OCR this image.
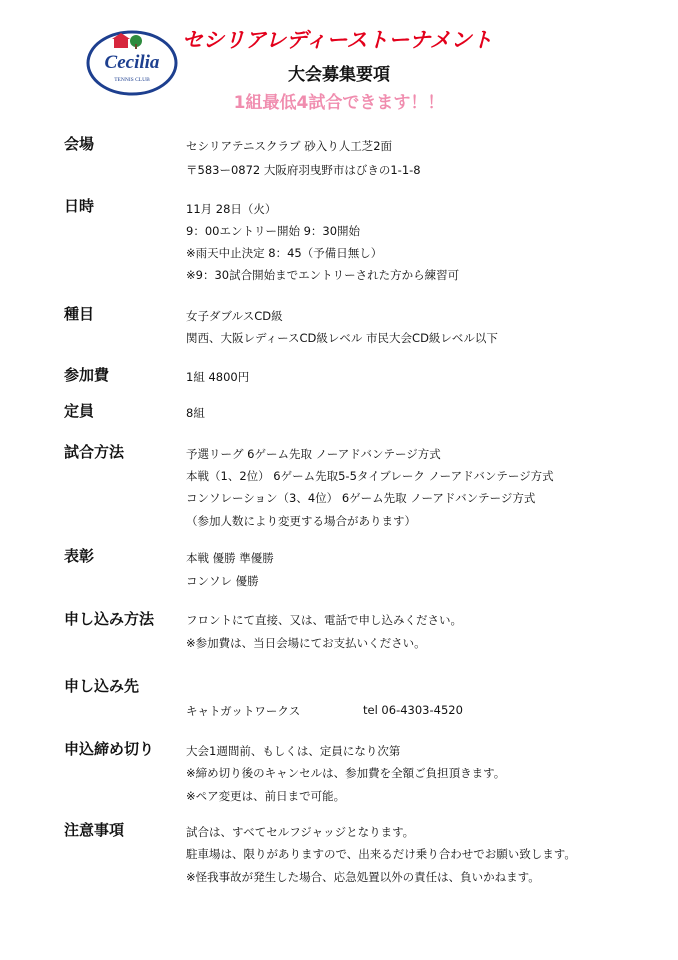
Cecilia
TENNIS CLUB
セシリアレディーストーナメント
大会募集要項
1組最低4試合できます！！
会場	セシリアテニスクラブ 砂入り人工芝2面
〒583ー0872 大阪府羽曳野市はびきの1-1-8
日時	11月 28日（火）
9：00エントリー開始 9：30開始
※雨天中止決定 8：45（予備日無し）
※9：30試合開始までエントリーされた方から練習可
種目	女子ダブルスCD級
関西、大阪レディースCD級レベル 市民大会CD級レベル以下
参加費	1組 4800円
定員	8組
試合方法	予選リーグ 6ゲーム先取 ノーアドバンテージ方式
本戦（1、2位） 6ゲーム先取5-5タイブレーク ノーアドバンテージ方式
コンソレーション（3、4位） 6ゲーム先取 ノーアドバンテージ方式
（参加人数により変更する場合があります）
表彰	本戦 優勝 準優勝
コンソレ 優勝
申し込み方法	フロントにて直接、又は、電話で申し込みください。
※参加費は、当日会場にてお支払いください。
申し込み先
キャトガットワークス	tel 06-4303-4520
申込締め切り	大会1週間前、もしくは、定員になり次第
※締め切り後のキャンセルは、参加費を全額ご負担頂きます。
※ペア変更は、前日まで可能。
注意事項	試合は、すべてセルフジャッジとなります。
駐車場は、限りがありますので、出来るだけ乗り合わせでお願い致します。
※怪我事故が発生した場合、応急処置以外の責任は、負いかねます。
